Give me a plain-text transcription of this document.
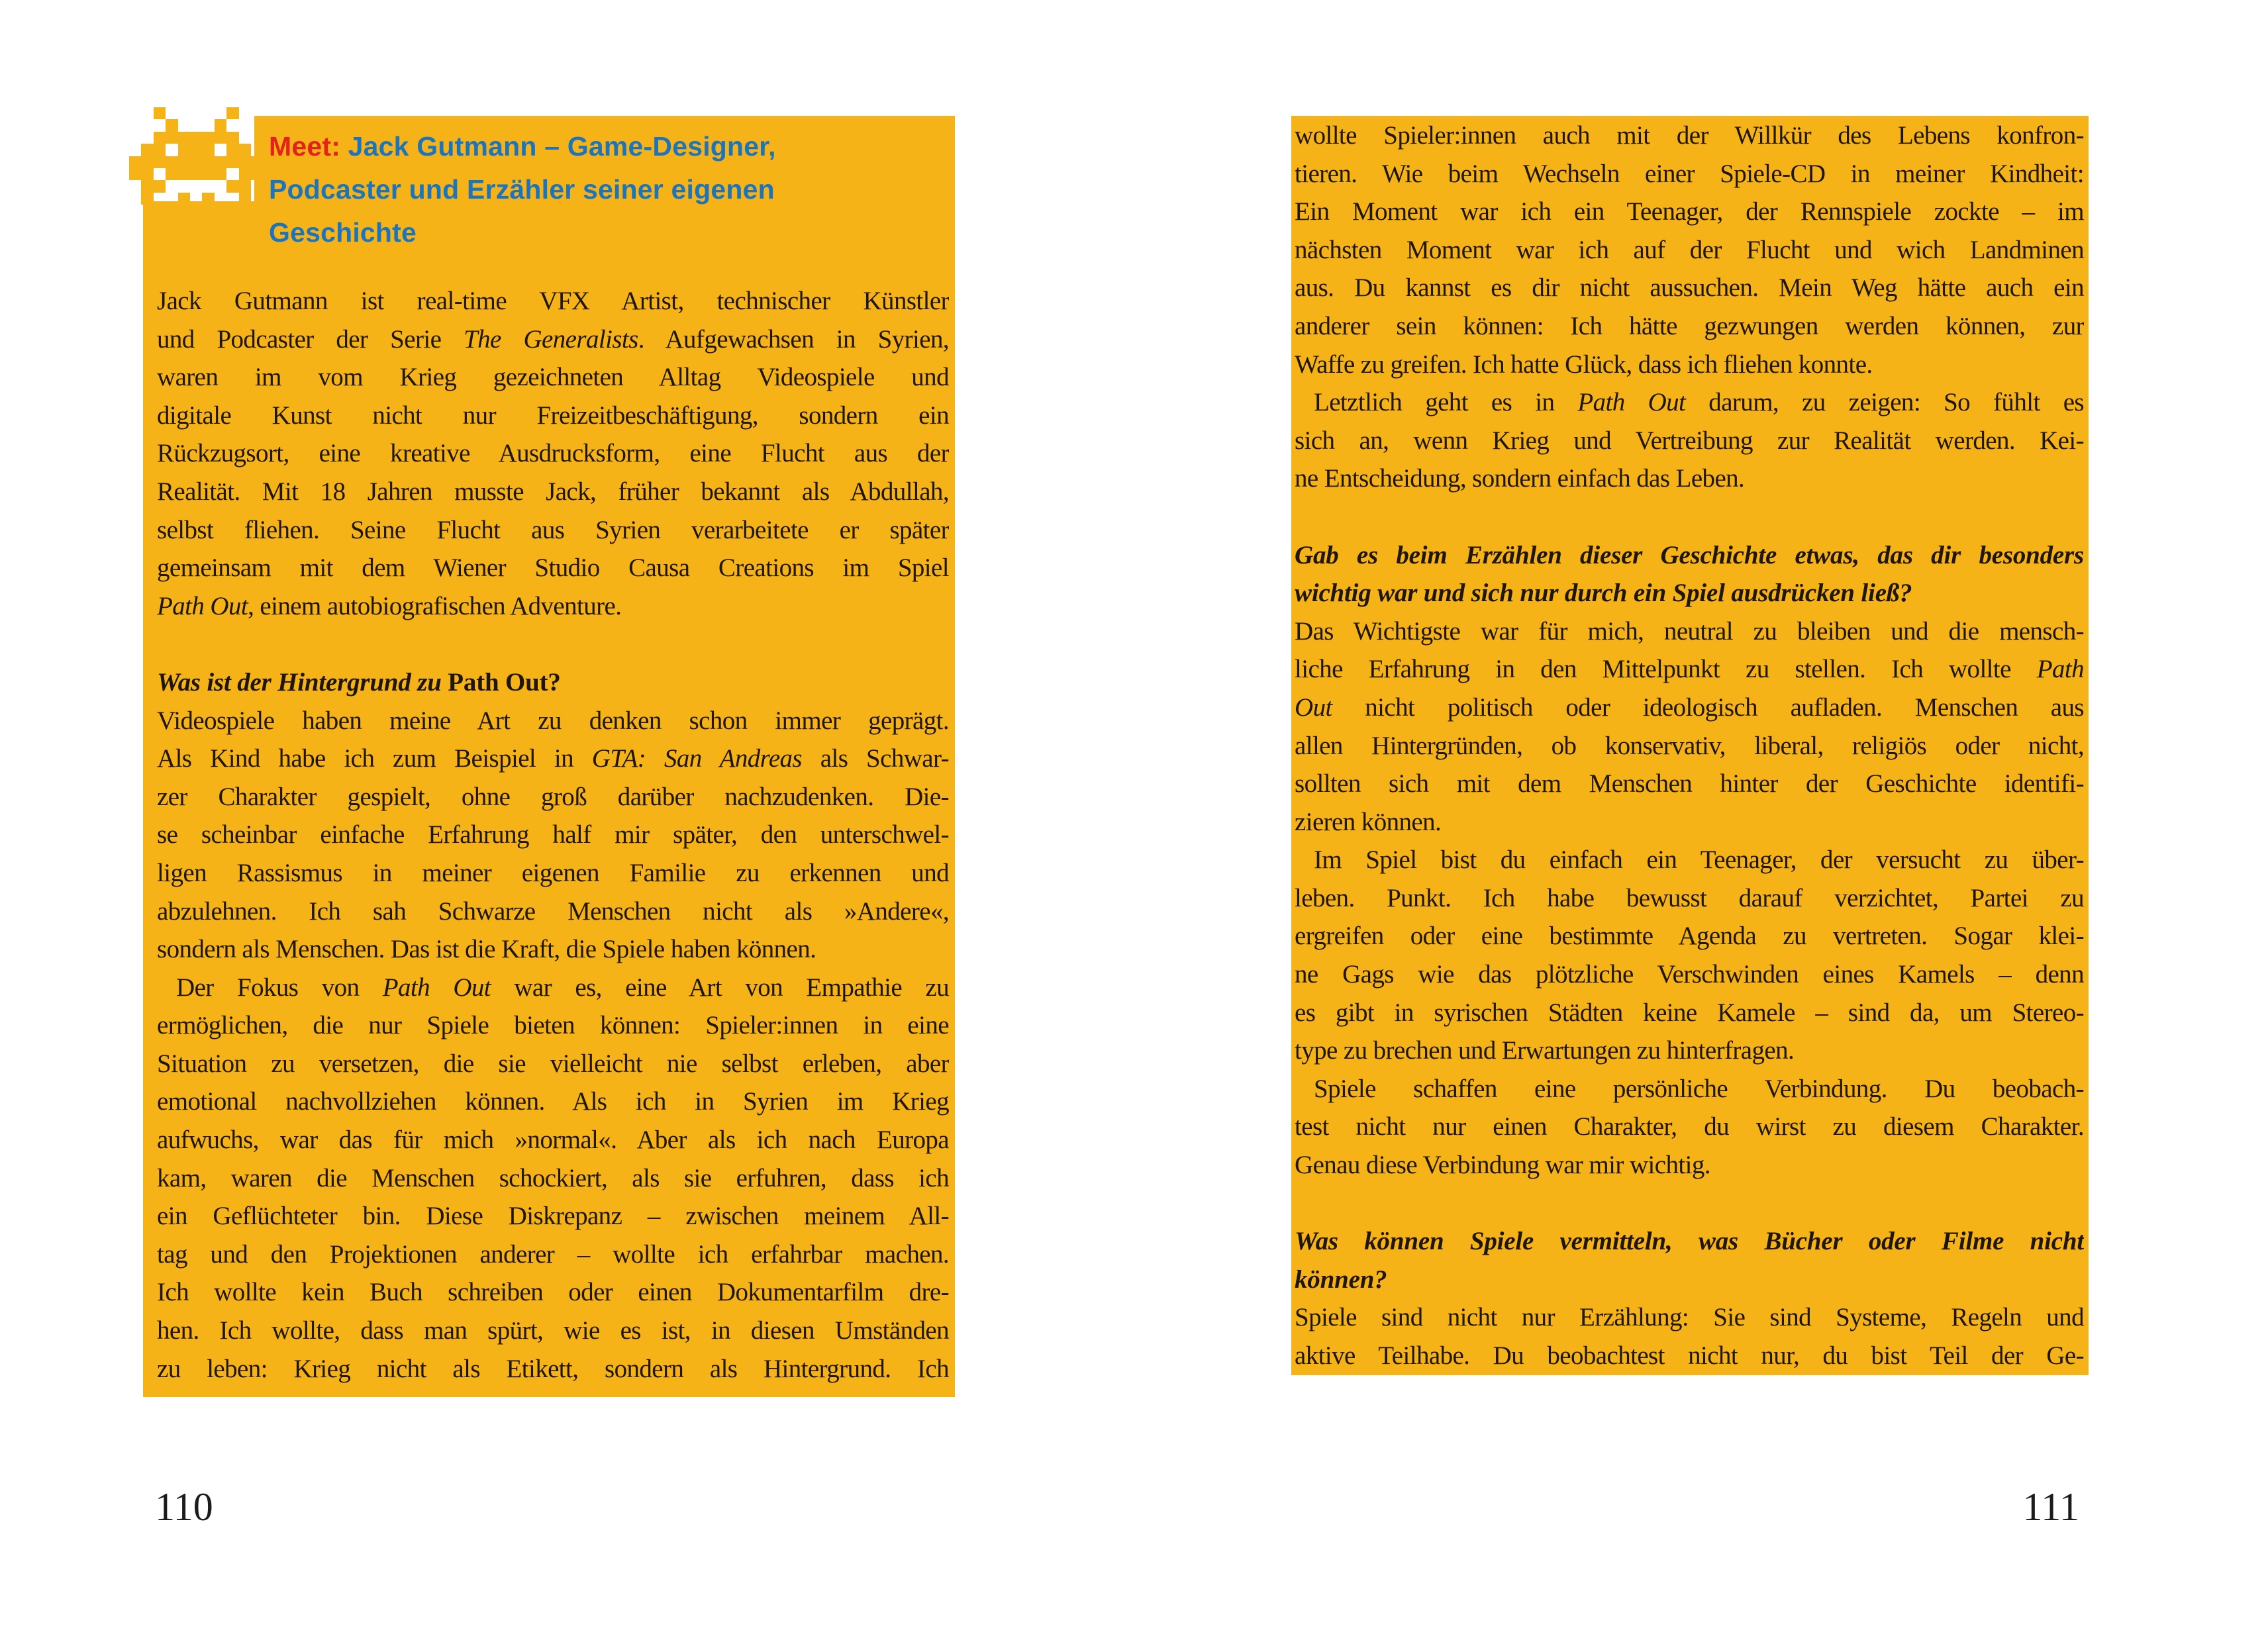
Meet: Jack Gutmann – Game-Designer,
Podcaster und Erzähler seiner eigenen
Geschichte
Jack Gutmann ist real-time VFX Artist, technischer Künstler
und Podcaster der Serie The Generalists. Aufgewachsen in Syrien,
waren im vom Krieg gezeichneten Alltag Videospiele und
digitale Kunst nicht nur Freizeitbeschäftigung, sondern ein
Rückzugsort, eine kreative Ausdrucksform, eine Flucht aus der
Realität. Mit 18 Jahren musste Jack, früher bekannt als Abdullah,
selbst fliehen. Seine Flucht aus Syrien verarbeitete er später
gemeinsam mit dem Wiener Studio Causa Creations im Spiel
Path Out, einem autobiografischen Adventure.
Was ist der Hintergrund zu Path Out?
Videospiele haben meine Art zu denken schon immer geprägt.
Als Kind habe ich zum Beispiel in GTA: San Andreas als Schwar-
zer Charakter gespielt, ohne groß darüber nachzudenken. Die-
se scheinbar einfache Erfahrung half mir später, den unterschwel-
ligen Rassismus in meiner eigenen Familie zu erkennen und
abzulehnen. Ich sah Schwarze Menschen nicht als »Andere«,
sondern als Menschen. Das ist die Kraft, die Spiele haben können.
Der Fokus von Path Out war es, eine Art von Empathie zu
ermöglichen, die nur Spiele bieten können: Spieler:innen in eine
Situation zu versetzen, die sie vielleicht nie selbst erleben, aber
emotional nachvollziehen können. Als ich in Syrien im Krieg
aufwuchs, war das für mich »normal«. Aber als ich nach Europa
kam, waren die Menschen schockiert, als sie erfuhren, dass ich
ein Geflüchteter bin. Diese Diskrepanz – zwischen meinem All-
tag und den Projektionen anderer – wollte ich erfahrbar machen.
Ich wollte kein Buch schreiben oder einen Dokumentarfilm dre-
hen. Ich wollte, dass man spürt, wie es ist, in diesen Umständen
zu leben: Krieg nicht als Etikett, sondern als Hintergrund. Ich
wollte Spieler:innen auch mit der Willkür des Lebens konfron-
tieren. Wie beim Wechseln einer Spiele-CD in meiner Kindheit:
Ein Moment war ich ein Teenager, der Rennspiele zockte – im
nächsten Moment war ich auf der Flucht und wich Landminen
aus. Du kannst es dir nicht aussuchen. Mein Weg hätte auch ein
anderer sein können: Ich hätte gezwungen werden können, zur
Waffe zu greifen. Ich hatte Glück, dass ich fliehen konnte.
Letztlich geht es in Path Out darum, zu zeigen: So fühlt es
sich an, wenn Krieg und Vertreibung zur Realität werden. Kei-
ne Entscheidung, sondern einfach das Leben.
Gab es beim Erzählen dieser Geschichte etwas, das dir besonders
wichtig war und sich nur durch ein Spiel ausdrücken ließ?
Das Wichtigste war für mich, neutral zu bleiben und die mensch-
liche Erfahrung in den Mittelpunkt zu stellen. Ich wollte Path
Out nicht politisch oder ideologisch aufladen. Menschen aus
allen Hintergründen, ob konservativ, liberal, religiös oder nicht,
sollten sich mit dem Menschen hinter der Geschichte identifi-
zieren können.
Im Spiel bist du einfach ein Teenager, der versucht zu über-
leben. Punkt. Ich habe bewusst darauf verzichtet, Partei zu
ergreifen oder eine bestimmte Agenda zu vertreten. Sogar klei-
ne Gags wie das plötzliche Verschwinden eines Kamels – denn
es gibt in syrischen Städten keine Kamele – sind da, um Stereo-
type zu brechen und Erwartungen zu hinterfragen.
Spiele schaffen eine persönliche Verbindung. Du beobach-
test nicht nur einen Charakter, du wirst zu diesem Charakter.
Genau diese Verbindung war mir wichtig.
Was können Spiele vermitteln, was Bücher oder Filme nicht
können?
Spiele sind nicht nur Erzählung: Sie sind Systeme, Regeln und
aktive Teilhabe. Du beobachtest nicht nur, du bist Teil der Ge-
110	111
